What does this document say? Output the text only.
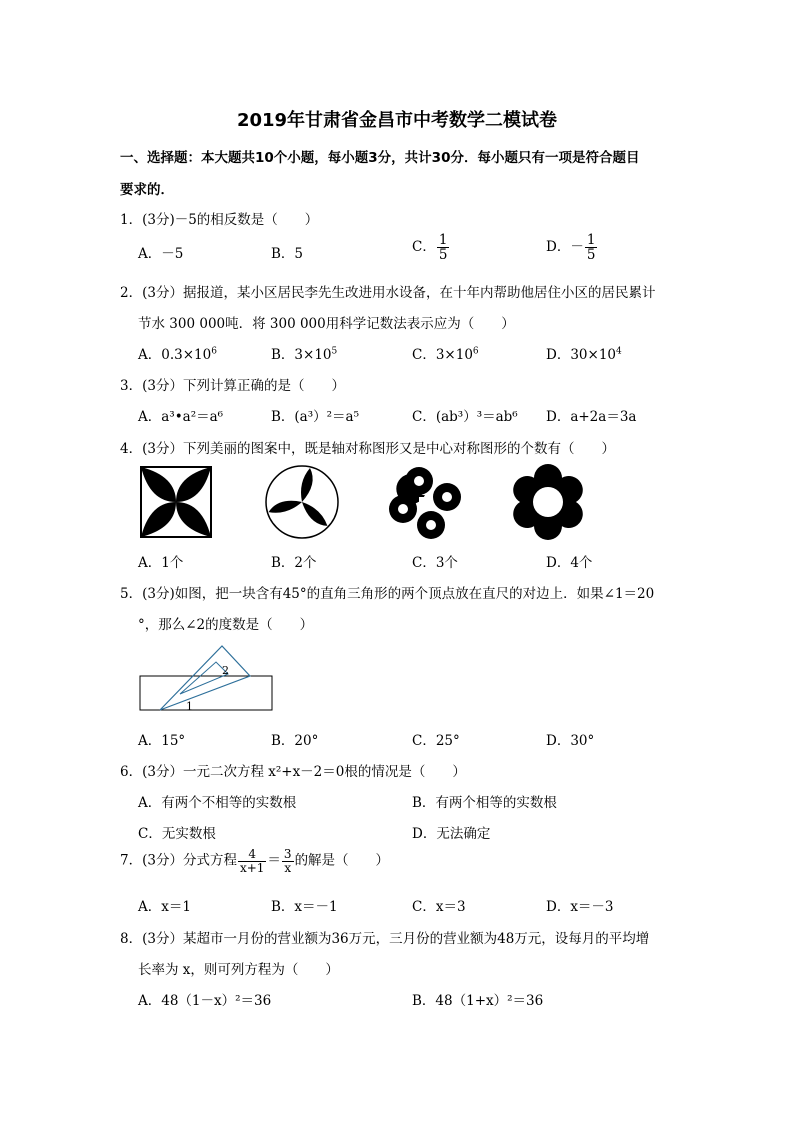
2019年甘肃省金昌市中考数学二模试卷
一、选择题：本大题共10个小题，每小题3分，共计30分．每小题只有一项是符合题目
要求的．
1．(3分)－5的相反数是（　　）
A．－5	B．5	C． $\frac{1}{5}$	D．－ $\frac{1}{5}$
2．(3分）据报道，某小区居民李先生改进用水设备，在十年内帮助他居住小区的居民累计
节水 300 000吨．将 300 000用科学记数法表示应为（　　）
A．$0.3\times 10^6$	B．$3\times 10^5$	C．$3\times 10^6$	D．$30\times 10^4$
3．(3分）下列计算正确的是（　　）
A．a³•a²＝a⁶	B．(a³）²＝a⁵	C．(ab³）³＝ab⁶ D．a+2a＝3a
4．(3分）下列美丽的图案中，既是轴对称图形又是中心对称图形的个数有（　　）
A．1个	B．2个	C．3个	D．4个
5．(3分)如图，把一块含有45°的直角三角形的两个顶点放在直尺的对边上．如果∠1＝20
°，那么∠2的度数是（　　）
2
1
A．15°	B．20°	C．25°	D．30°
6．(3分）一元二次方程 x²+x－2＝0根的情况是（　　）
A．有两个不相等的实数根	B．有两个相等的实数根
C．无实数根	D．无法确定
7．(3分）分式方程 $\frac{4}{x+1} = \frac{3}{x}$ 的解是（　　）
A．x＝1	B．x＝－1	C．x＝3	D．x＝－3
8．(3分）某超市一月份的营业额为36万元，三月份的营业额为48万元，设每月的平均增
长率为 x，则可列方程为（　　）
A．48（1－x）²＝36	B．48（1+x）²＝36
